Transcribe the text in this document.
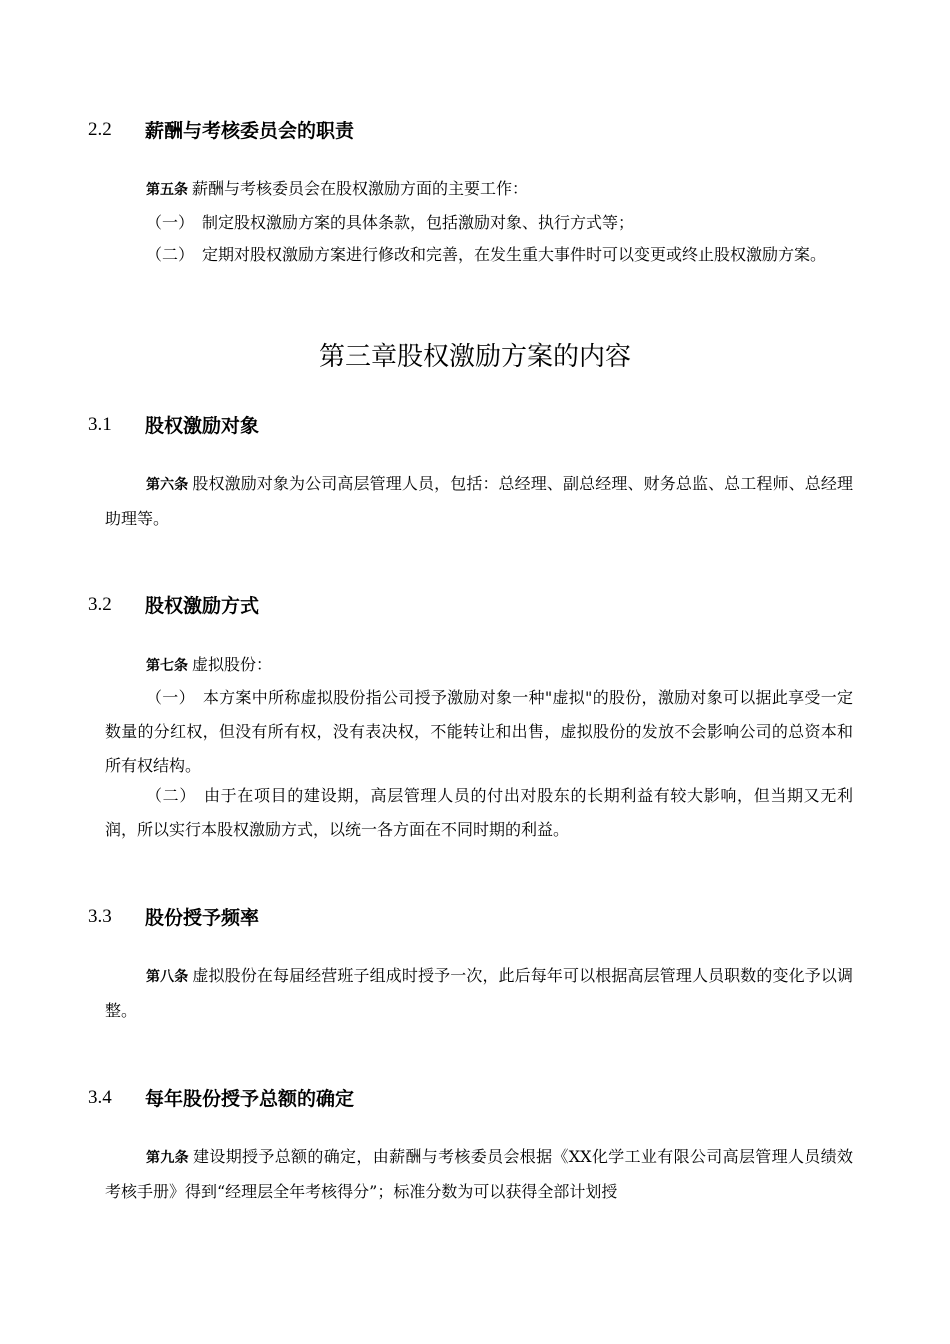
2.2	薪酬与考核委员会的职责

第五条 薪酬与考核委员会在股权激励方面的主要工作：

（一） 制定股权激励方案的具体条款，包括激励对象、执行方式等；

（二） 定期对股权激励方案进行修改和完善，在发生重大事件时可以变更或终止股权激励方案。

第三章股权激励方案的内容
3.1	股权激励对象

第六条 股权激励对象为公司高层管理人员，包括：总经理、副总经理、财务总监、总工程师、总经理助理等。

3.2	股权激励方式

第七条 虚拟股份：

（一） 本方案中所称虚拟股份指公司授予激励对象一种"虚拟"的股份，激励对象可以据此享受一定数量的分红权，但没有所有权，没有表决权，不能转让和出售，虚拟股份的发放不会影响公司的总资本和所有权结构。

（二） 由于在项目的建设期，高层管理人员的付出对股东的长期利益有较大影响，但当期又无利润，所以实行本股权激励方式，以统一各方面在不同时期的利益。

3.3	股份授予频率

第八条 虚拟股份在每届经营班子组成时授予一次，此后每年可以根据高层管理人员职数的变化予以调整。

3.4	每年股份授予总额的确定

第九条 建设期授予总额的确定，由薪酬与考核委员会根据《XX化学工业有限公司高层管理人员绩效考核手册》得到“经理层全年考核得分”；标准分数为可以获得全部计划授
